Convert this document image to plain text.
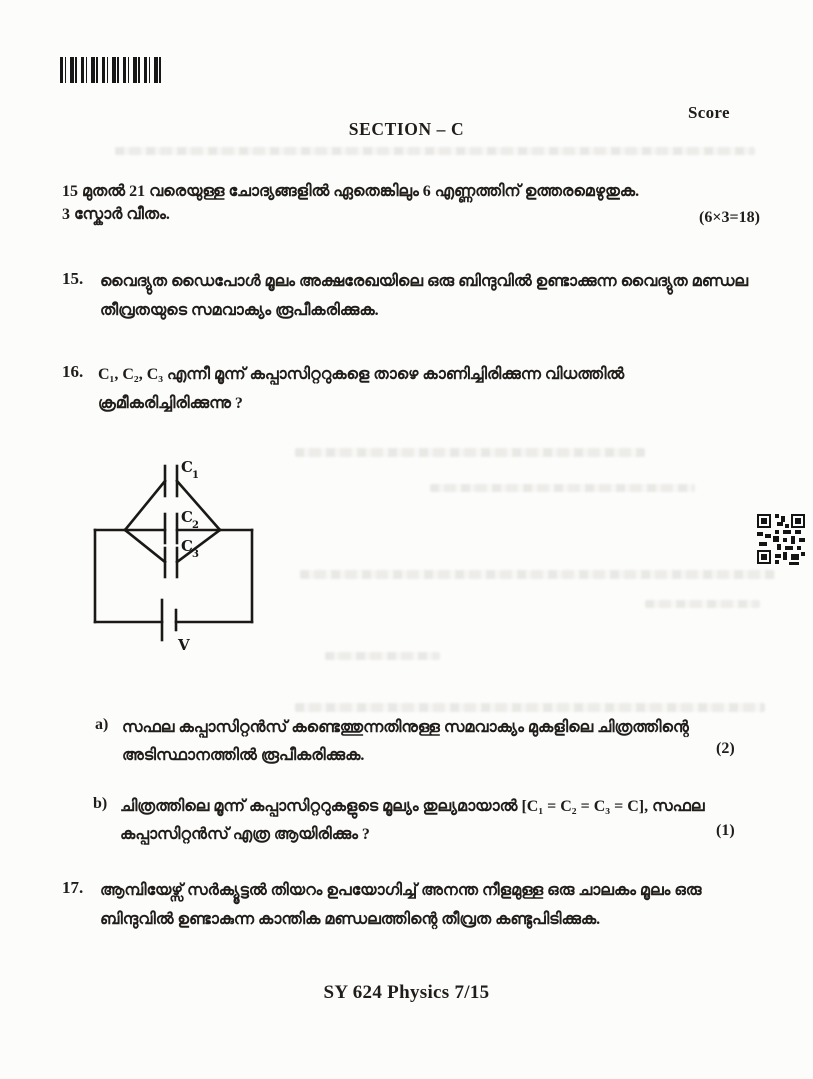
Score
SECTION – C
15 മുതൽ 21 വരെയുള്ള ചോദ്യങ്ങളിൽ ഏതെങ്കിലും 6 എണ്ണത്തിന് ഉത്തരമെഴുതുക.
3 സ്കോർ വീതം.	(6×3=18)
15. വൈദ്യുത ഡൈപോൾ മൂലം അക്ഷരേഖയിലെ ഒരു ബിന്ദുവിൽ ഉണ്ടാക്കുന്ന വൈദ്യുത മണ്ഡല തീവ്രതയുടെ സമവാക്യം രൂപീകരിക്കുക.
16. C₁, C₂, C₃ എന്നീ മൂന്ന് കപ്പാസിറ്ററുകളെ താഴെ കാണിച്ചിരിക്കുന്ന വിധത്തിൽ ക്രമീകരിച്ചിരിക്കുന്നു ?
C 1
C 2
C 3
V
a) സഫല കപ്പാസിറ്റൻസ് കണ്ടെത്തുന്നതിനുള്ള സമവാക്യം മുകളിലെ ചിത്രത്തിന്റെ അടിസ്ഥാനത്തിൽ രൂപീകരിക്കുക.	(2)
b) ചിത്രത്തിലെ മൂന്ന് കപ്പാസിറ്ററുകളുടെ മൂല്യം തുല്യമായാൽ [C₁ = C₂ = C₃ = C], സഫല കപ്പാസിറ്റൻസ് എത്ര ആയിരിക്കും ?	(1)
17. ആമ്പിയേഴ്സ് സർക്യൂട്ടൽ തിയറം ഉപയോഗിച്ച് അനന്ത നീളമുള്ള ഒരു ചാലകം മൂലം ഒരു ബിന്ദുവിൽ ഉണ്ടാകുന്ന കാന്തിക മണ്ഡലത്തിന്റെ തീവ്രത കണ്ടുപിടിക്കുക.
SY 624 Physics 7/15
